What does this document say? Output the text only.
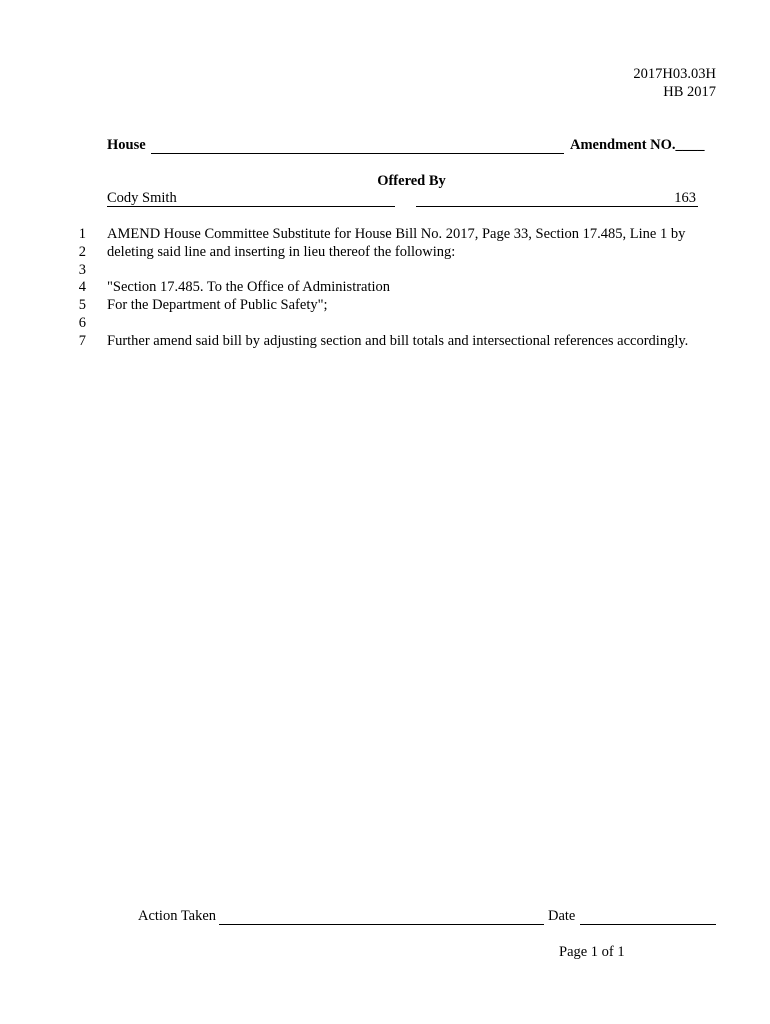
2017H03.03H
HB 2017
House	Amendment NO.____
Offered By
Cody Smith	163
1 AMEND House Committee Substitute for House Bill No. 2017, Page 33, Section 17.485, Line 1 by
2 deleting said line and inserting in lieu thereof the following:
3
4 "Section 17.485. To the Office of Administration
5 For the Department of Public Safety";
6
7 Further amend said bill by adjusting section and bill totals and intersectional references accordingly.
Action Taken	Date
Page 1 of 1
